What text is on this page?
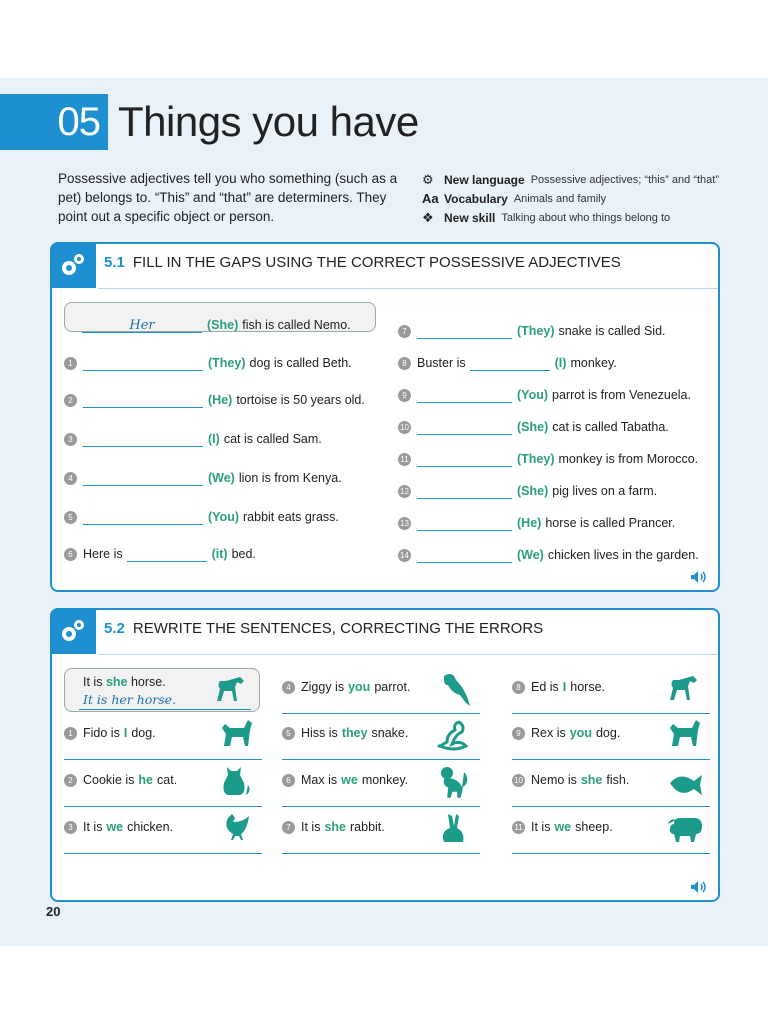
05 Things you have
Possessive adjectives tell you who something (such as a pet) belongs to. “This” and “that” are determiners. They point out a specific object or person.
⚙ New language Possessive adjectives; “this” and “that”
Aa Vocabulary Animals and family
❖ New skill Talking about who things belong to
5.1 FILL IN THE GAPS USING THE CORRECT POSSESSIVE ADJECTIVES
Her	(She) fish is called Nemo.
1	(They) dog is called Beth.
2	(He) tortoise is 50 years old.
3	(I) cat is called Sam.
4	(We) lion is from Kenya.
5	(You) rabbit eats grass.
6 Here is	(it) bed.
7	(They) snake is called Sid.
8 Buster is	(I) monkey.
9	(You) parrot is from Venezuela.
10	(She) cat is called Tabatha.
11	(They) monkey is from Morocco.
12	(She) pig lives on a farm.
13	(He) horse is called Prancer.
14	(We) chicken lives in the garden.
5.2 REWRITE THE SENTENCES, CORRECTING THE ERRORS
It is she horse.
It is her horse.
1 Fido is I dog.
2 Cookie is he cat.
3 It is we chicken.
4 Ziggy is you parrot.
5 Hiss is they snake.
6 Max is we monkey.
7 It is she rabbit.
8 Ed is I horse.
9 Rex is you dog.
10 Nemo is she fish.
11 It is we sheep.
20
